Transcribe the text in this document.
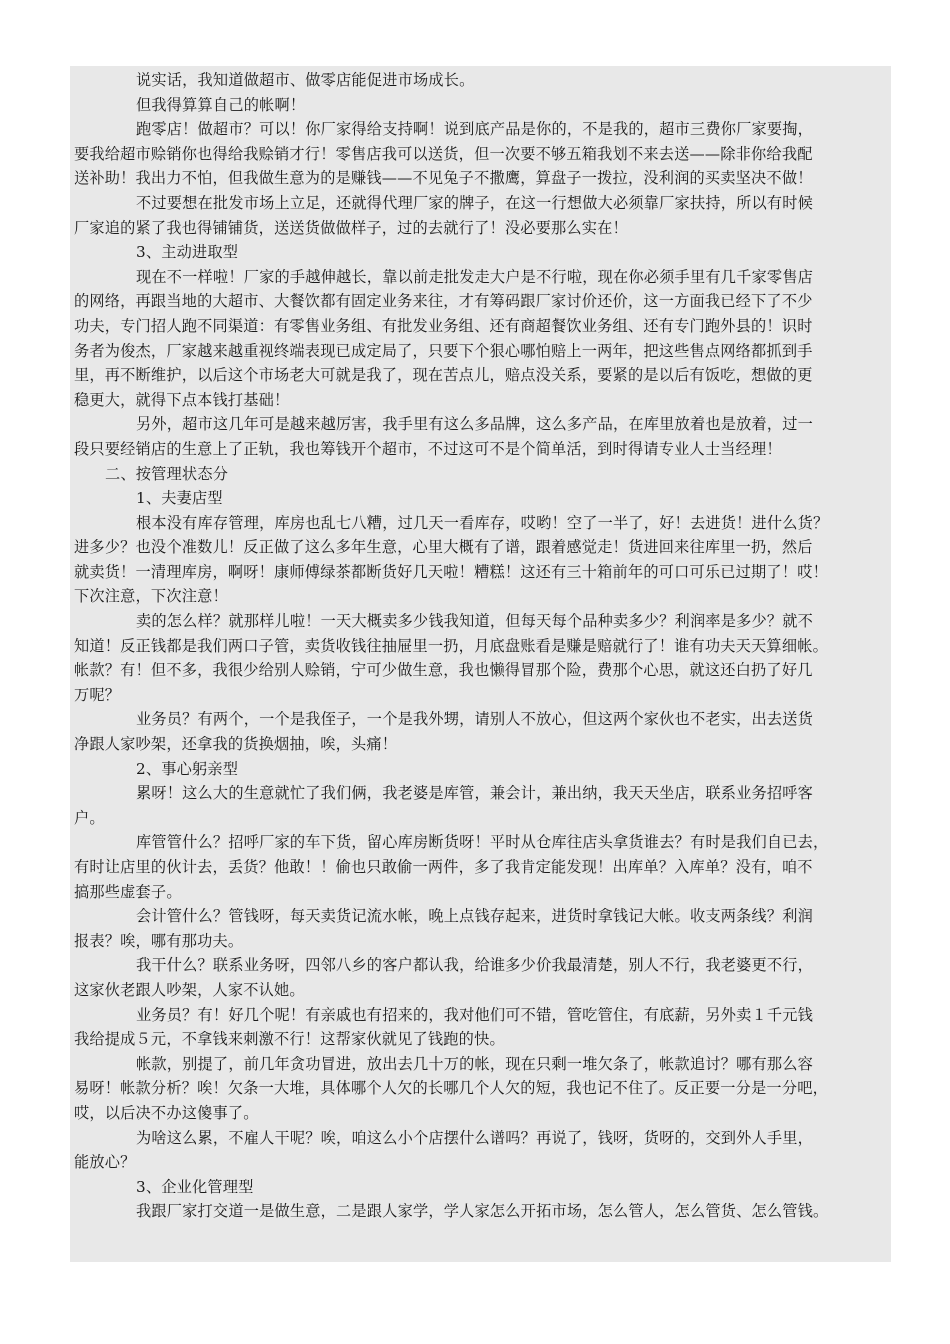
说实话，我知道做超市、做零店能促进市场成长。

但我得算算自己的帐啊！

跑零店！做超市？可以！你厂家得给支持啊！说到底产品是你的，不是我的，超市三费你厂家要掏，

要我给超市赊销你也得给我赊销才行！零售店我可以送货，但一次要不够五箱我划不来去送——除非你给我配

送补助！我出力不怕，但我做生意为的是赚钱——不见兔子不撒鹰，算盘子一拨拉，没利润的买卖坚决不做！

不过要想在批发市场上立足，还就得代理厂家的牌子，在这一行想做大必须靠厂家扶持，所以有时候

厂家追的紧了我也得铺铺货，送送货做做样子，过的去就行了！没必要那么实在！

3、主动进取型

现在不一样啦！厂家的手越伸越长，靠以前走批发走大户是不行啦，现在你必须手里有几千家零售店

的网络，再跟当地的大超市、大餐饮都有固定业务来往，才有筹码跟厂家讨价还价，这一方面我已经下了不少

功夫，专门招人跑不同渠道：有零售业务组、有批发业务组、还有商超餐饮业务组、还有专门跑外县的！识时

务者为俊杰，厂家越来越重视终端表现已成定局了，只要下个狠心哪怕赔上一两年，把这些售点网络都抓到手

里，再不断维护，以后这个市场老大可就是我了，现在苦点儿，赔点没关系，要紧的是以后有饭吃，想做的更

稳更大，就得下点本钱打基础！

另外，超市这几年可是越来越厉害，我手里有这么多品牌，这么多产品，在库里放着也是放着，过一

段只要经销店的生意上了正轨，我也筹钱开个超市，不过这可不是个简单活，到时得请专业人士当经理！

二、按管理状态分

1、夫妻店型

根本没有库存管理，库房也乱七八糟，过几天一看库存，哎哟！空了一半了，好！去进货！进什么货？

进多少？也没个准数儿！反正做了这么多年生意，心里大概有了谱，跟着感觉走！货进回来往库里一扔，然后

就卖货！一清理库房，啊呀！康师傅绿茶都断货好几天啦！糟糕！这还有三十箱前年的可口可乐已过期了！哎！

下次注意，下次注意！

卖的怎么样？就那样儿啦！一天大概卖多少钱我知道，但每天每个品种卖多少？利润率是多少？就不

知道！反正钱都是我们两口子管，卖货收钱往抽屉里一扔，月底盘账看是赚是赔就行了！谁有功夫天天算细帐。

帐款？有！但不多，我很少给别人赊销，宁可少做生意，我也懒得冒那个险，费那个心思，就这还白扔了好几

万呢？

业务员？有两个，一个是我侄子，一个是我外甥，请别人不放心，但这两个家伙也不老实，出去送货

净跟人家吵架，还拿我的货换烟抽，唉，头痛！

2、事心躬亲型

累呀！这么大的生意就忙了我们俩，我老婆是库管，兼会计，兼出纳，我天天坐店，联系业务招呼客

户。

库管管什么？招呼厂家的车下货，留心库房断货呀！平时从仓库往店头拿货谁去？有时是我们自已去，

有时让店里的伙计去，丢货？他敢！！偷也只敢偷一两件，多了我肯定能发现！出库单？入库单？没有，咱不

搞那些虚套子。

会计管什么？管钱呀，每天卖货记流水帐，晚上点钱存起来，进货时拿钱记大帐。收支两条线？利润

报表？唉，哪有那功夫。

我干什么？联系业务呀，四邻八乡的客户都认我，给谁多少价我最清楚，别人不行，我老婆更不行，

这家伙老跟人吵架，人家不认她。

业务员？有！好几个呢！有亲戚也有招来的，我对他们可不错，管吃管住，有底薪，另外卖１千元钱

我给提成５元，不拿钱来刺激不行！这帮家伙就见了钱跑的快。

帐款，别提了，前几年贪功冒进，放出去几十万的帐，现在只剩一堆欠条了，帐款追讨？哪有那么容

易呀！帐款分析？唉！欠条一大堆，具体哪个人欠的长哪几个人欠的短，我也记不住了。反正要一分是一分吧，

哎，以后决不办这傻事了。

为啥这么累，不雇人干呢？唉，咱这么小个店摆什么谱吗？再说了，钱呀，货呀的，交到外人手里，

能放心？

3、企业化管理型

我跟厂家打交道一是做生意，二是跟人家学，学人家怎么开拓市场，怎么管人，怎么管货、怎么管钱。
